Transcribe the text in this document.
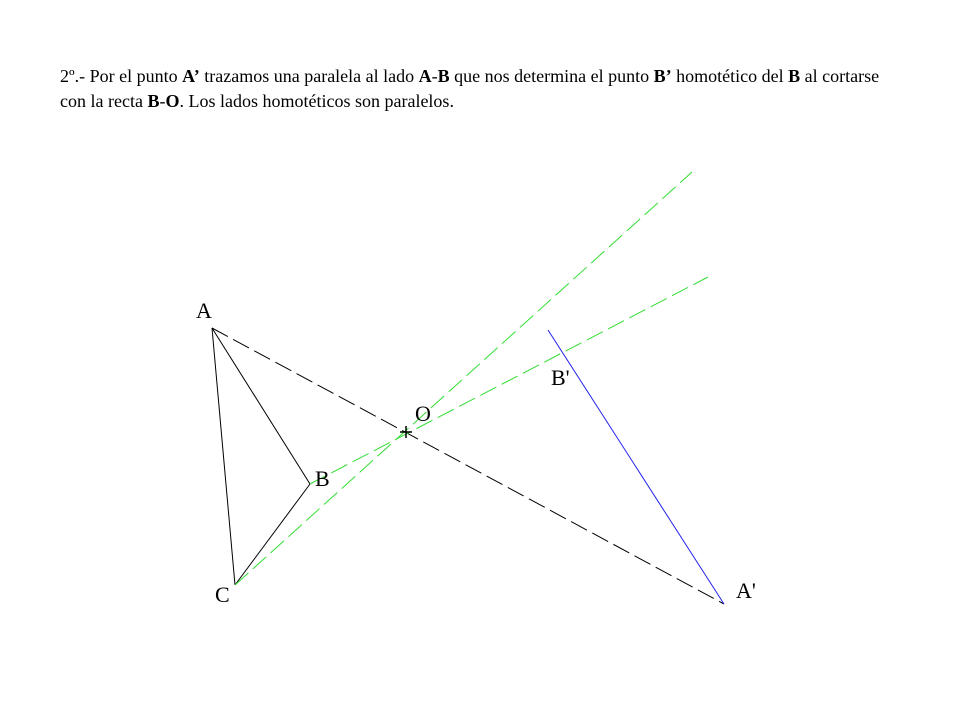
2º.- Por el punto A’ trazamos una paralela al lado A-B que nos determina el punto B’ homotético del B al cortarse con la recta B-O. Los lados homotéticos son paralelos.

A
B
C
O
A'
B'
